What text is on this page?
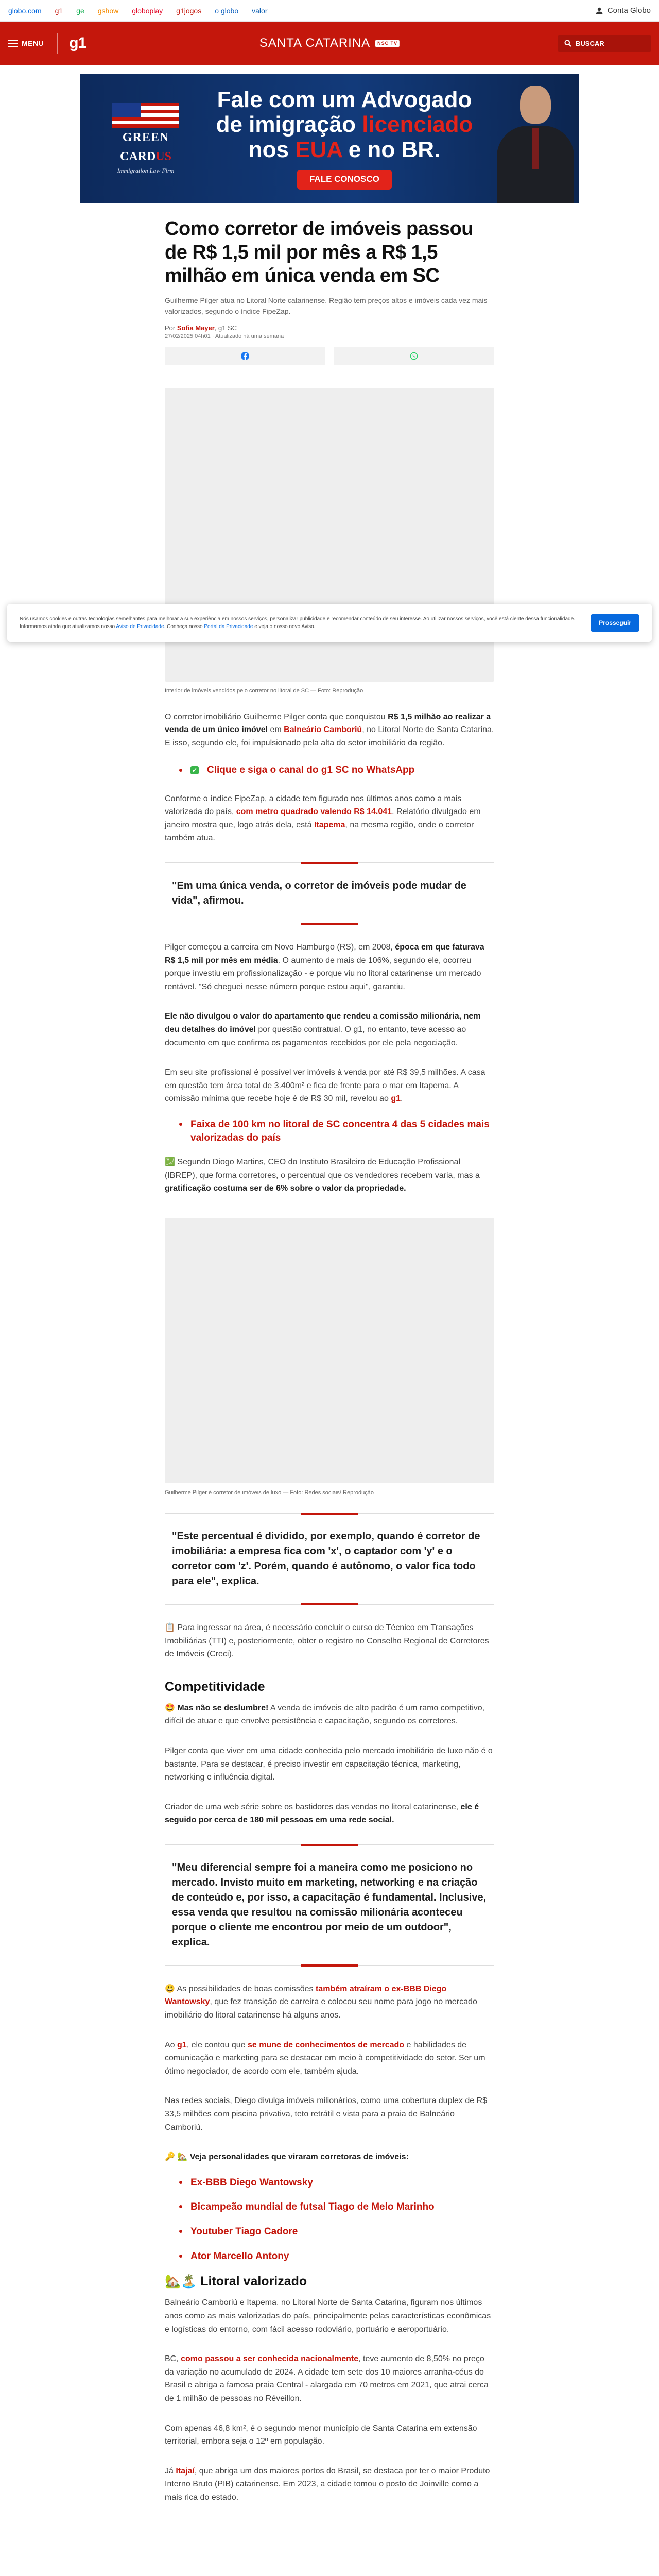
globo.com g1 ge gshow globoplay g1jogos o globo valor	Conta Globo
MENU	g1	SANTA CATARINA	NSC TV	BUSCAR
GREEN
CARDUS
Immigration Law Firm
Fale com um Advogado
de imigração licenciado
nos EUA e no BR.
FALE CONOSCO
Como corretor de imóveis passou de R$ 1,5 mil por mês a R$ 1,5 milhão em única venda em SC

Guilherme Pilger atua no Litoral Norte catarinense. Região tem preços altos e imóveis cada vez mais valorizados, segundo o índice FipeZap.

Por Sofia Mayer, g1 SC
27/02/2025 04h01 · Atualizado há uma semana
Interior de imóveis vendidos pelo corretor no litoral de SC — Foto: Reprodução

O corretor imobiliário Guilherme Pilger conta que conquistou R$ 1,5 milhão ao realizar a venda de um único imóvel em Balneário Camboriú, no Litoral Norte de Santa Catarina. E isso, segundo ele, foi impulsionado pela alta do setor imobiliário da região.

✓ Clique e siga o canal do g1 SC no WhatsApp

Conforme o índice FipeZap, a cidade tem figurado nos últimos anos como a mais valorizada do país, com metro quadrado valendo R$ 14.041. Relatório divulgado em janeiro mostra que, logo atrás dela, está Itapema, na mesma região, onde o corretor também atua.

"Em uma única venda, o corretor de imóveis pode mudar de vida", afirmou.

Pilger começou a carreira em Novo Hamburgo (RS), em 2008, época em que faturava R$ 1,5 mil por mês em média. O aumento de mais de 106%, segundo ele, ocorreu porque investiu em profissionalização - e porque viu no litoral catarinense um mercado rentável. "Só cheguei nesse número porque estou aqui", garantiu.

Ele não divulgou o valor do apartamento que rendeu a comissão milionária, nem deu detalhes do imóvel por questão contratual. O g1, no entanto, teve acesso ao documento em que confirma os pagamentos recebidos por ele pela negociação.

Em seu site profissional é possível ver imóveis à venda por até R$ 39,5 milhões. A casa em questão tem área total de 3.400m² e fica de frente para o mar em Itapema. A comissão mínima que recebe hoje é de R$ 30 mil, revelou ao g1.

Faixa de 100 km no litoral de SC concentra 4 das 5 cidades mais valorizadas do país

💹 Segundo Diogo Martins, CEO do Instituto Brasileiro de Educação Profissional (IBREP), que forma corretores, o percentual que os vendedores recebem varia, mas a gratificação costuma ser de 6% sobre o valor da propriedade.

Guilherme Pilger é corretor de imóveis de luxo — Foto: Redes sociais/ Reprodução
"Este percentual é dividido, por exemplo, quando é corretor de imobiliária: a empresa fica com 'x', o captador com 'y' e o corretor com 'z'. Porém, quando é autônomo, o valor fica todo para ele", explica.

📋 Para ingressar na área, é necessário concluir o curso de Técnico em Transações Imobiliárias (TTI) e, posteriormente, obter o registro no Conselho Regional de Corretores de Imóveis (Creci).

Competitividade

🤩 Mas não se deslumbre! A venda de imóveis de alto padrão é um ramo competitivo, difícil de atuar e que envolve persistência e capacitação, segundo os corretores.

Pilger conta que viver em uma cidade conhecida pelo mercado imobiliário de luxo não é o bastante. Para se destacar, é preciso investir em capacitação técnica, marketing, networking e influência digital.

Criador de uma web série sobre os bastidores das vendas no litoral catarinense, ele é seguido por cerca de 180 mil pessoas em uma rede social.

"Meu diferencial sempre foi a maneira como me posiciono no mercado. Invisto muito em marketing, networking e na criação de conteúdo e, por isso, a capacitação é fundamental. Inclusive, essa venda que resultou na comissão milionária aconteceu porque o cliente me encontrou por meio de um outdoor", explica.

😃 As possibilidades de boas comissões também atraíram o ex-BBB Diego Wantowsky, que fez transição de carreira e colocou seu nome para jogo no mercado imobiliário do litoral catarinense há alguns anos.

Ao g1, ele contou que se mune de conhecimentos de mercado e habilidades de comunicação e marketing para se destacar em meio à competitividade do setor. Ser um ótimo negociador, de acordo com ele, também ajuda.

Nas redes sociais, Diego divulga imóveis milionários, como uma cobertura duplex de R$ 33,5 milhões com piscina privativa, teto retrátil e vista para a praia de Balneário Camboriú.

🔑 🏡 Veja personalidades que viraram corretoras de imóveis:

Ex-BBB Diego Wantowsky
Bicampeão mundial de futsal Tiago de Melo Marinho
Youtuber Tiago Cadore
Ator Marcello Antony
🏡🏝️ Litoral valorizado

Balneário Camboriú e Itapema, no Litoral Norte de Santa Catarina, figuram nos últimos anos como as mais valorizadas do país, principalmente pelas características econômicas e logísticas do entorno, com fácil acesso rodoviário, portuário e aeroportuário.

BC, como passou a ser conhecida nacionalmente, teve aumento de 8,50% no preço da variação no acumulado de 2024. A cidade tem sete dos 10 maiores arranha-céus do Brasil e abriga a famosa praia Central - alargada em 70 metros em 2021, que atrai cerca de 1 milhão de pessoas no Réveillon.

Com apenas 46,8 km², é o segundo menor município de Santa Catarina em extensão territorial, embora seja o 12º em população.

Já Itajaí, que abriga um dos maiores portos do Brasil, se destaca por ter o maior Produto Interno Bruto (PIB) catarinense. Em 2023, a cidade tomou o posto de Joinville como a mais rica do estado.

Nós usamos cookies e outras tecnologias semelhantes para melhorar a sua experiência em nossos serviços, personalizar publicidade e recomendar conteúdo de seu interesse. Ao utilizar nossos serviços, você está ciente dessa funcionalidade. Informamos ainda que atualizamos nosso Aviso de Privacidade. Conheça nosso Portal da Privacidade e veja o nosso novo Aviso.
Prosseguir
